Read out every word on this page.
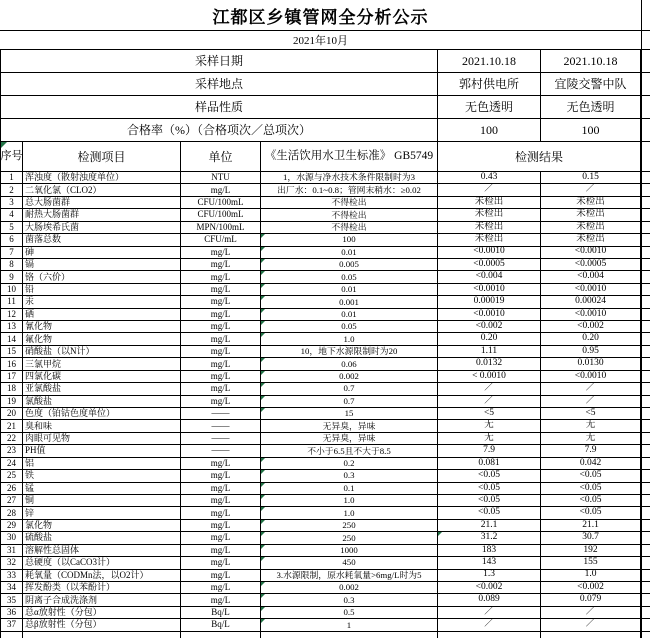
江都区乡镇管网全分析公示
2021年10月
采样日期	2021.10.18	2021.10.18
采样地点	郭村供电所	宜陵交警中队
样品性质	无色透明	无色透明
合格率（%）（合格项次／总项次）	100	100
序号	检测项目	单位	《生活饮用水卫生标准》 GB5749	检测结果
1	浑浊度（散射浊度单位）	NTU	1，水源与净水技术条件限制时为3	0.43	0.15
2	二氧化氯（CLO2）	mg/L	出厂水：0.1~0.8；管网末稍水：≥0.02	／	／
3	总大肠菌群	CFU/100mL	不得检出	未检出	未检出
4	耐热大肠菌群	CFU/100mL	不得检出	未检出	未检出
5	大肠埃希氏菌	MPN/100mL	不得检出	未检出	未检出
6	菌落总数	CFU/mL	100	未检出	未检出
7	砷	mg/L	0.01	<0.0010	<0.0010
8	镉	mg/L	0.005	<0.0005	<0.0005
9	铬（六价）	mg/L	0.05	<0.004	<0.004
10	铅	mg/L	0.01	<0.0010	<0.0010
11	汞	mg/L	0.001	0.00019	0.00024
12	硒	mg/L	0.01	<0.0010	<0.0010
13	氰化物	mg/L	0.05	<0.002	<0.002
14	氟化物	mg/L	1.0	0.20	0.20
15	硝酸盐（以N计）	mg/L	10，地下水源限制时为20	1.11	0.95
16	三氯甲烷	mg/L	0.06	0.0132	0.0130
17	四氯化碳	mg/L	0.002	< 0.0010	<0.0010
18	亚氯酸盐	mg/L	0.7	／	／
19	氯酸盐	mg/L	0.7	／	／
20	色度（铂钴色度单位）	——	15	<5	<5
21	臭和味	——	无异臭，异味	无	无
22	肉眼可见物	——	无异臭，异味	无	无
23	PH值	——	不小于6.5且不大于8.5	7.9	7.9
24	铝	mg/L	0.2	0.081	0.042
25	铁	mg/L	0.3	<0.05	<0.05
26	锰	mg/L	0.1	<0.05	<0.05
27	铜	mg/L	1.0	<0.05	<0.05
28	锌	mg/L	1.0	<0.05	<0.05
29	氯化物	mg/L	250	21.1	21.1
30	硫酸盐	mg/L	250	31.2	30.7
31	溶解性总固体	mg/L	1000	183	192
32	总硬度（以CaCO3计）	mg/L	450	143	155
33	耗氧量（CODMn法，以O2计）	mg/L	3.水源限制，原水耗氧量>6mg/L时为5	1.3	1.0
34	挥发酚类（以苯酚计）	mg/L	0.002	<0.002	<0.002
35	阴离子合成洗涤剂	mg/L	0.3	0.089	0.079
36	总α放射性（分包）	Bq/L	0.5	／	／
37	总β放射性（分包）	Bq/L	1	／	／
